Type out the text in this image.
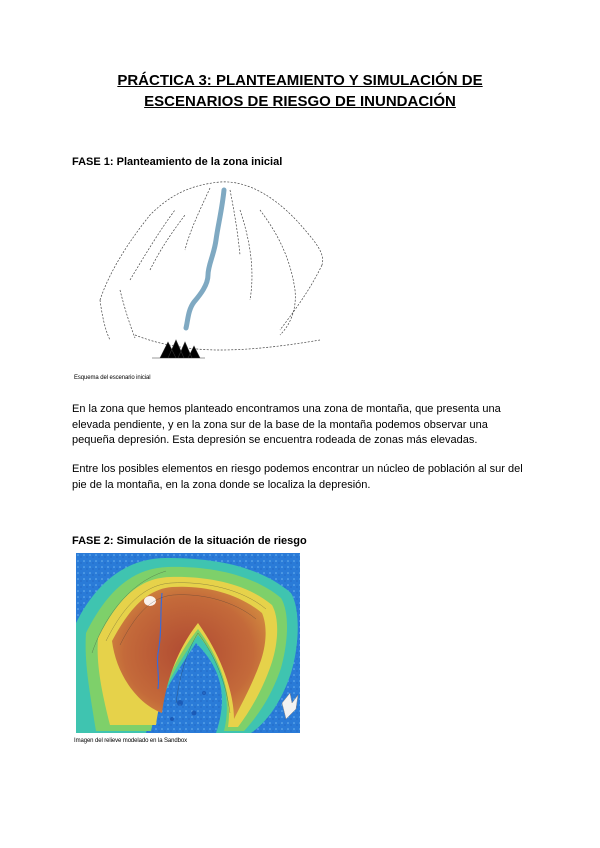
PRÁCTICA 3: PLANTEAMIENTO Y SIMULACIÓN DE
ESCENARIOS DE RIESGO DE INUNDACIÓN
FASE 1: Planteamiento de la zona inicial
Esquema del escenario inicial
En la zona que hemos planteado encontramos una zona de montaña, que presenta una elevada pendiente, y en la zona sur de la base de la montaña podemos observar una pequeña depresión. Esta depresión se encuentra rodeada de zonas más elevadas.
Entre los posibles elementos en riesgo podemos encontrar un núcleo de población al sur del pie de la montaña, en la zona donde se localiza la depresión.
FASE 2: Simulación de la situación de riesgo
Imagen del relieve modelado en la Sandbox
